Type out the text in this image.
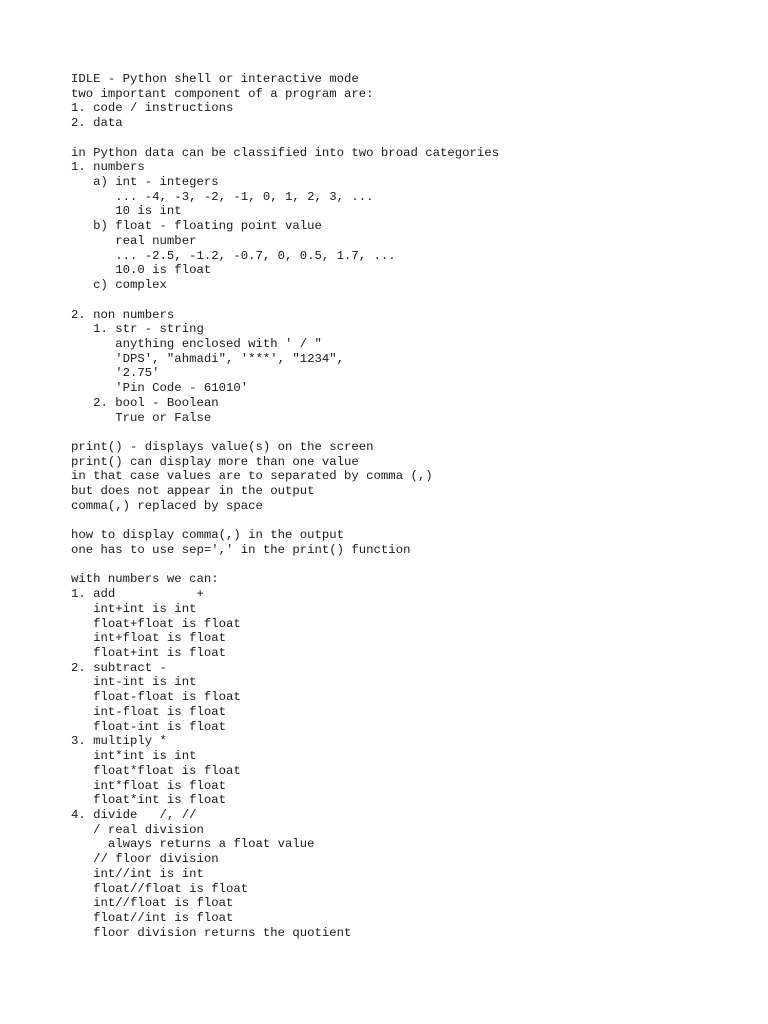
IDLE - Python shell or interactive mode
two important component of a program are:
1. code / instructions
2. data
in Python data can be classified into two broad categories
1. numbers
a) int - integers
... -4, -3, -2, -1, 0, 1, 2, 3, ...
10 is int
b) float - floating point value
real number
... -2.5, -1.2, -0.7, 0, 0.5, 1.7, ...
10.0 is float
c) complex
2. non numbers
1. str - string
anything enclosed with ' / "
'DPS', "ahmadi", '***', "1234",
'2.75'
'Pin Code - 61010'
2. bool - Boolean
True or False
print() - displays value(s) on the screen
print() can display more than one value
in that case values are to separated by comma (,)
but does not appear in the output
comma(,) replaced by space
how to display comma(,) in the output
one has to use sep=',' in the print() function
with numbers we can:
1. add           +
int+int is int
float+float is float
int+float is float
float+int is float
2. subtract -
int-int is int
float-float is float
int-float is float
float-int is float
3. multiply *
int*int is int
float*float is float
int*float is float
float*int is float
4. divide   /, //
/ real division
always returns a float value
// floor division
int//int is int
float//float is float
int//float is float
float//int is float
floor division returns the quotient
